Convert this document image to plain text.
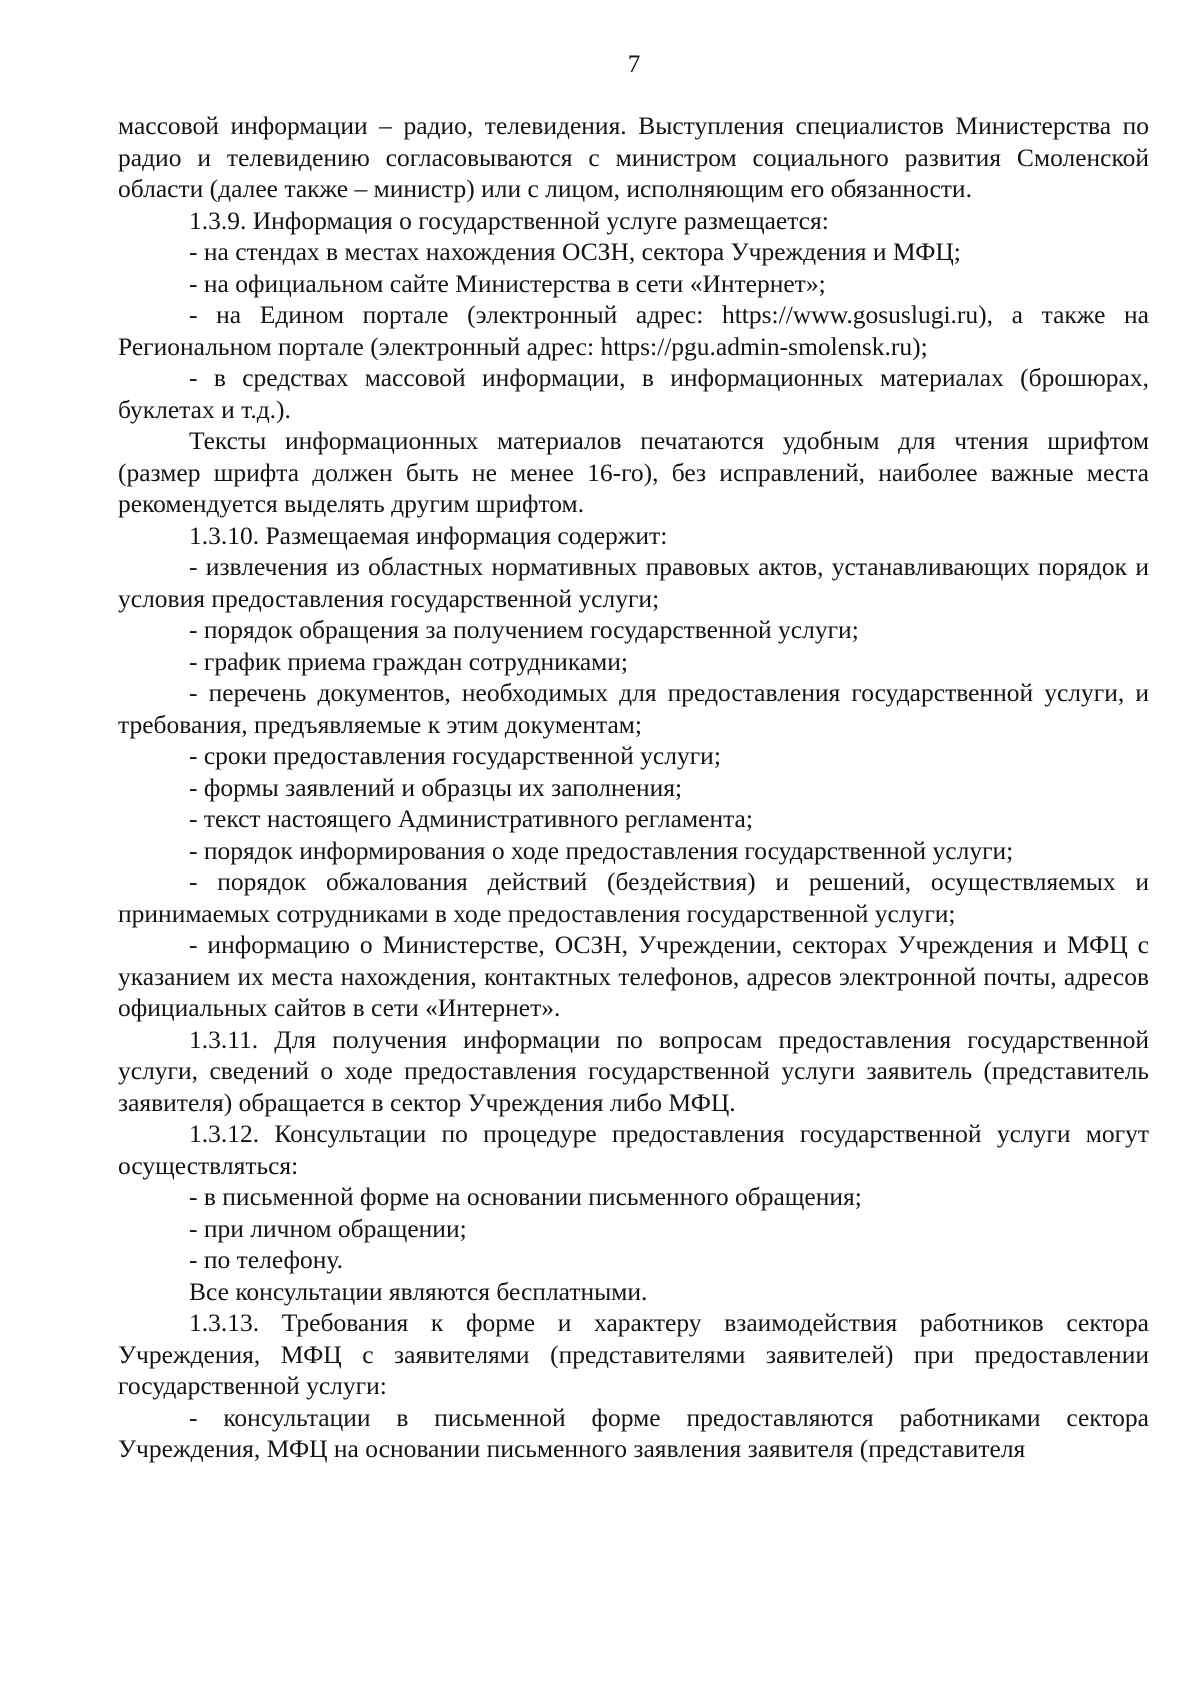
7

массовой информации – радио, телевидения. Выступления специалистов Министерства по радио и телевидению согласовываются с министром социального развития Смоленской области (далее также – министр) или с лицом, исполняющим его обязанности.

1.3.9. Информация о государственной услуге размещается:

- на стендах в местах нахождения ОСЗН, сектора Учреждения и МФЦ;

- на официальном сайте Министерства в сети «Интернет»;

- на Едином портале (электронный адрес: https://www.gosuslugi.ru), а также на Региональном портале (электронный адрес: https://pgu.admin-smolensk.ru);

- в средствах массовой информации, в информационных материалах (брошюрах, буклетах и т.д.).

Тексты информационных материалов печатаются удобным для чтения шрифтом (размер шрифта должен быть не менее 16-го), без исправлений, наиболее важные места рекомендуется выделять другим шрифтом.

1.3.10. Размещаемая информация содержит:

- извлечения из областных нормативных правовых актов, устанавливающих порядок и условия предоставления государственной услуги;

- порядок обращения за получением государственной услуги;

- график приема граждан сотрудниками;

- перечень документов, необходимых для предоставления государственной услуги, и требования, предъявляемые к этим документам;

- сроки предоставления государственной услуги;

- формы заявлений и образцы их заполнения;

- текст настоящего Административного регламента;

- порядок информирования о ходе предоставления государственной услуги;

- порядок обжалования действий (бездействия) и решений, осуществляемых и принимаемых сотрудниками в ходе предоставления государственной услуги;

- информацию о Министерстве, ОСЗН, Учреждении, секторах Учреждения и МФЦ с указанием их места нахождения, контактных телефонов, адресов электронной почты, адресов официальных сайтов в сети «Интернет».

1.3.11. Для получения информации по вопросам предоставления государственной услуги, сведений о ходе предоставления государственной услуги заявитель (представитель заявителя) обращается в сектор Учреждения либо МФЦ.

1.3.12. Консультации по процедуре предоставления государственной услуги могут осуществляться:

- в письменной форме на основании письменного обращения;

- при личном обращении;

- по телефону.

Все консультации являются бесплатными.

1.3.13. Требования к форме и характеру взаимодействия работников сектора Учреждения, МФЦ с заявителями (представителями заявителей) при предоставлении государственной услуги:

- консультации в письменной форме предоставляются работниками сектора Учреждения, МФЦ на основании письменного заявления заявителя (представителя
